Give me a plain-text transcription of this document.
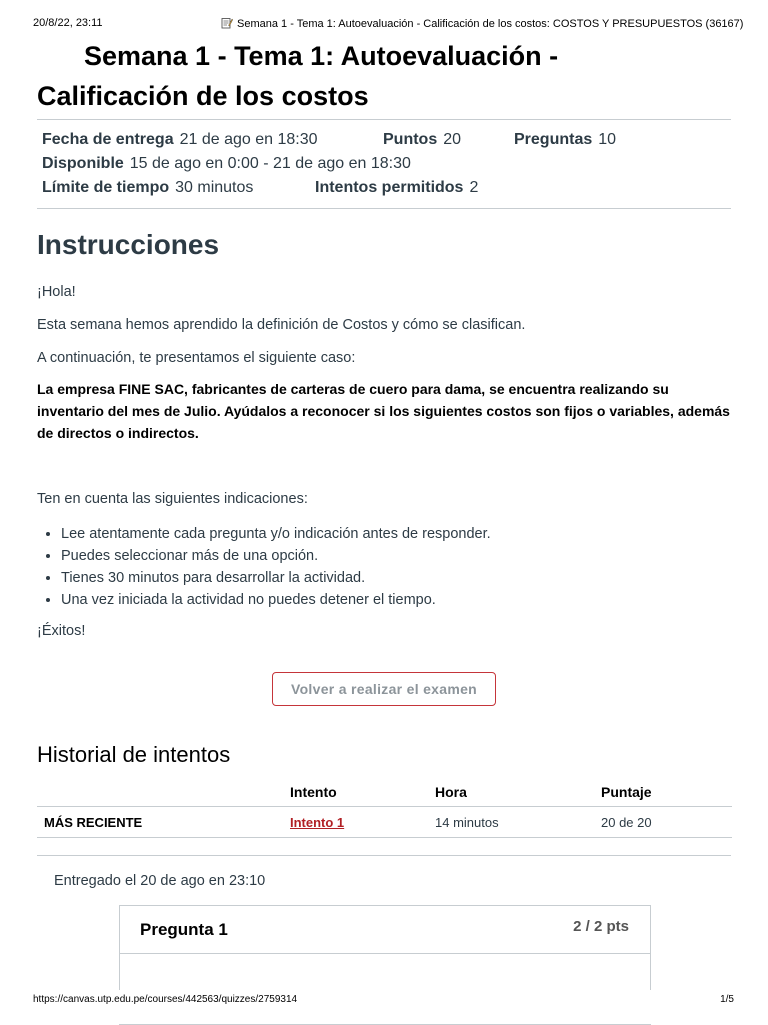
20/8/22, 23:11	Semana 1 - Tema 1: Autoevaluación - Calificación de los costos: COSTOS Y PRESUPUESTOS (36167)
Semana 1 - Tema 1: Autoevaluación -
Calificación de los costos
Fecha de entrega 21 de ago en 18:30	Puntos 20	Preguntas 10
Disponible 15 de ago en 0:00 - 21 de ago en 18:30
Límite de tiempo 30 minutos	Intentos permitidos 2
Instrucciones

¡Hola!

Esta semana hemos aprendido la definición de Costos y cómo se clasifican.

A continuación, te presentamos el siguiente caso:

La empresa FINE SAC, fabricantes de carteras de cuero para dama, se encuentra realizando su inventario del mes de Julio. Ayúdalos a reconocer si los siguientes costos son fijos o variables, además de directos o indirectos.

Ten en cuenta las siguientes indicaciones:

• Lee atentamente cada pregunta y/o indicación antes de responder.
• Puedes seleccionar más de una opción.
• Tienes 30 minutos para desarrollar la actividad.
• Una vez iniciada la actividad no puedes detener el tiempo.

¡Éxitos!

Volver a realizar el examen
Historial de intentos
	Intento	Hora	Puntaje
MÁS RECIENTE	Intento 1	14 minutos	20 de 20
Entregado el 20 de ago en 23:10
Pregunta 1	2 / 2 pts
https://canvas.utp.edu.pe/courses/442563/quizzes/2759314	1/5
